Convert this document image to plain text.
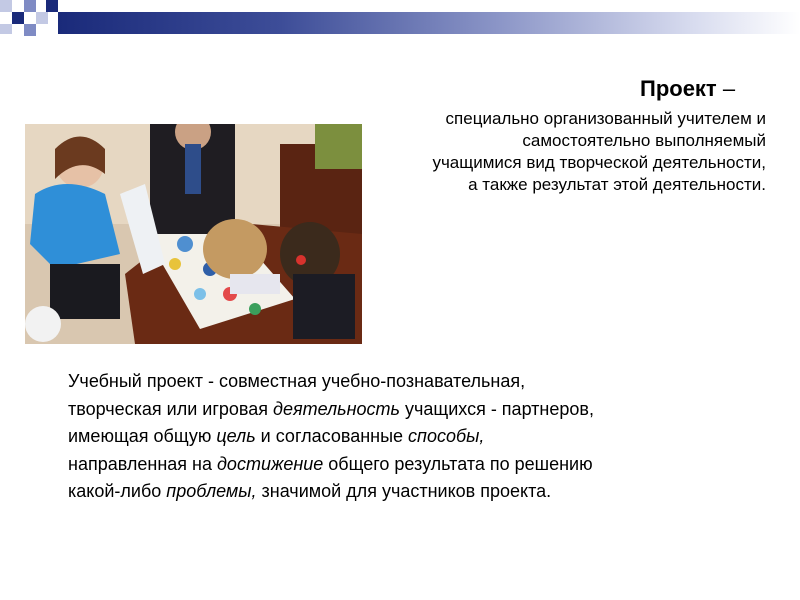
Проект –
специально организованный учителем и
самостоятельно выполняемый
учащимися вид творческой деятельности,
а также результат этой деятельности.
Учебный проект - совместная учебно-познавательная,
творческая или игровая деятельность учащихся - партнеров,
имеющая общую цель и согласованные способы,
направленная на достижение общего результата по решению
какой-либо проблемы, значимой для участников проекта.
